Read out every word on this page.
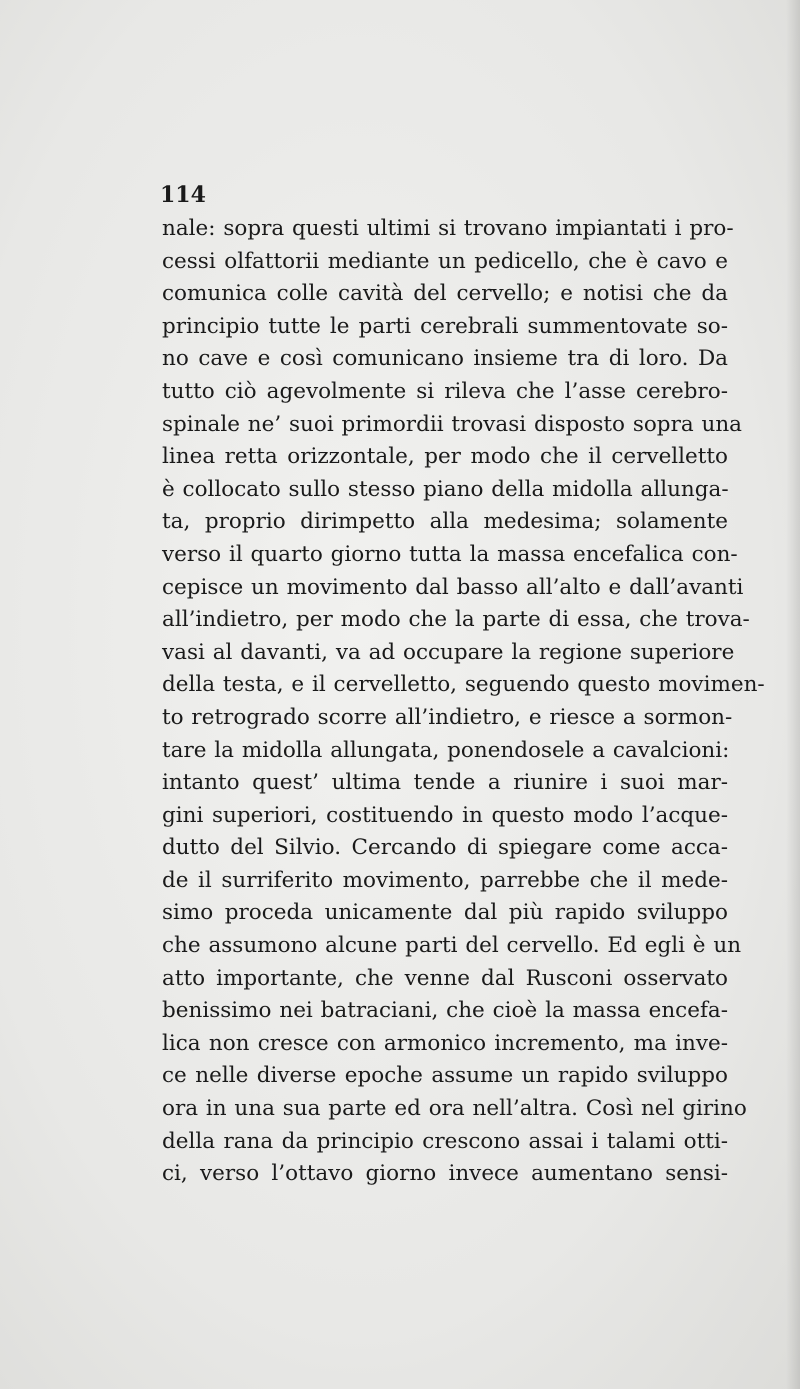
114

nale: sopra questi ultimi si trovano impiantati i pro-
cessi olfattorii mediante un pedicello, che è cavo e
comunica colle cavità del cervello; e notisi che da
principio tutte le parti cerebrali summentovate so-
no cave e così comunicano insieme tra di loro. Da
tutto ciò agevolmente si rileva che l’asse cerebro-
spinale ne’ suoi primordii trovasi disposto sopra una
linea retta orizzontale, per modo che il cervelletto
è collocato sullo stesso piano della midolla allunga-
ta, proprio dirimpetto alla medesima; solamente
verso il quarto giorno tutta la massa encefalica con-
cepisce un movimento dal basso all’alto e dall’avanti
all’indietro, per modo che la parte di essa, che trova-
vasi al davanti, va ad occupare la regione superiore
della testa, e il cervelletto, seguendo questo movimen-
to retrogrado scorre all’indietro, e riesce a sormon-
tare la midolla allungata, ponendosele a cavalcioni:
intanto quest’ ultima tende a riunire i suoi mar-
gini superiori, costituendo in questo modo l’acque-
dutto del Silvio. Cercando di spiegare come acca-
de il surriferito movimento, parrebbe che il mede-
simo proceda unicamente dal più rapido sviluppo
che assumono alcune parti del cervello. Ed egli è un
atto importante, che venne dal Rusconi osservato
benissimo nei batraciani, che cioè la massa encefa-
lica non cresce con armonico incremento, ma inve-
ce nelle diverse epoche assume un rapido sviluppo
ora in una sua parte ed ora nell’altra. Così nel girino
della rana da principio crescono assai i talami otti-
ci, verso l’ottavo giorno invece aumentano sensi-
